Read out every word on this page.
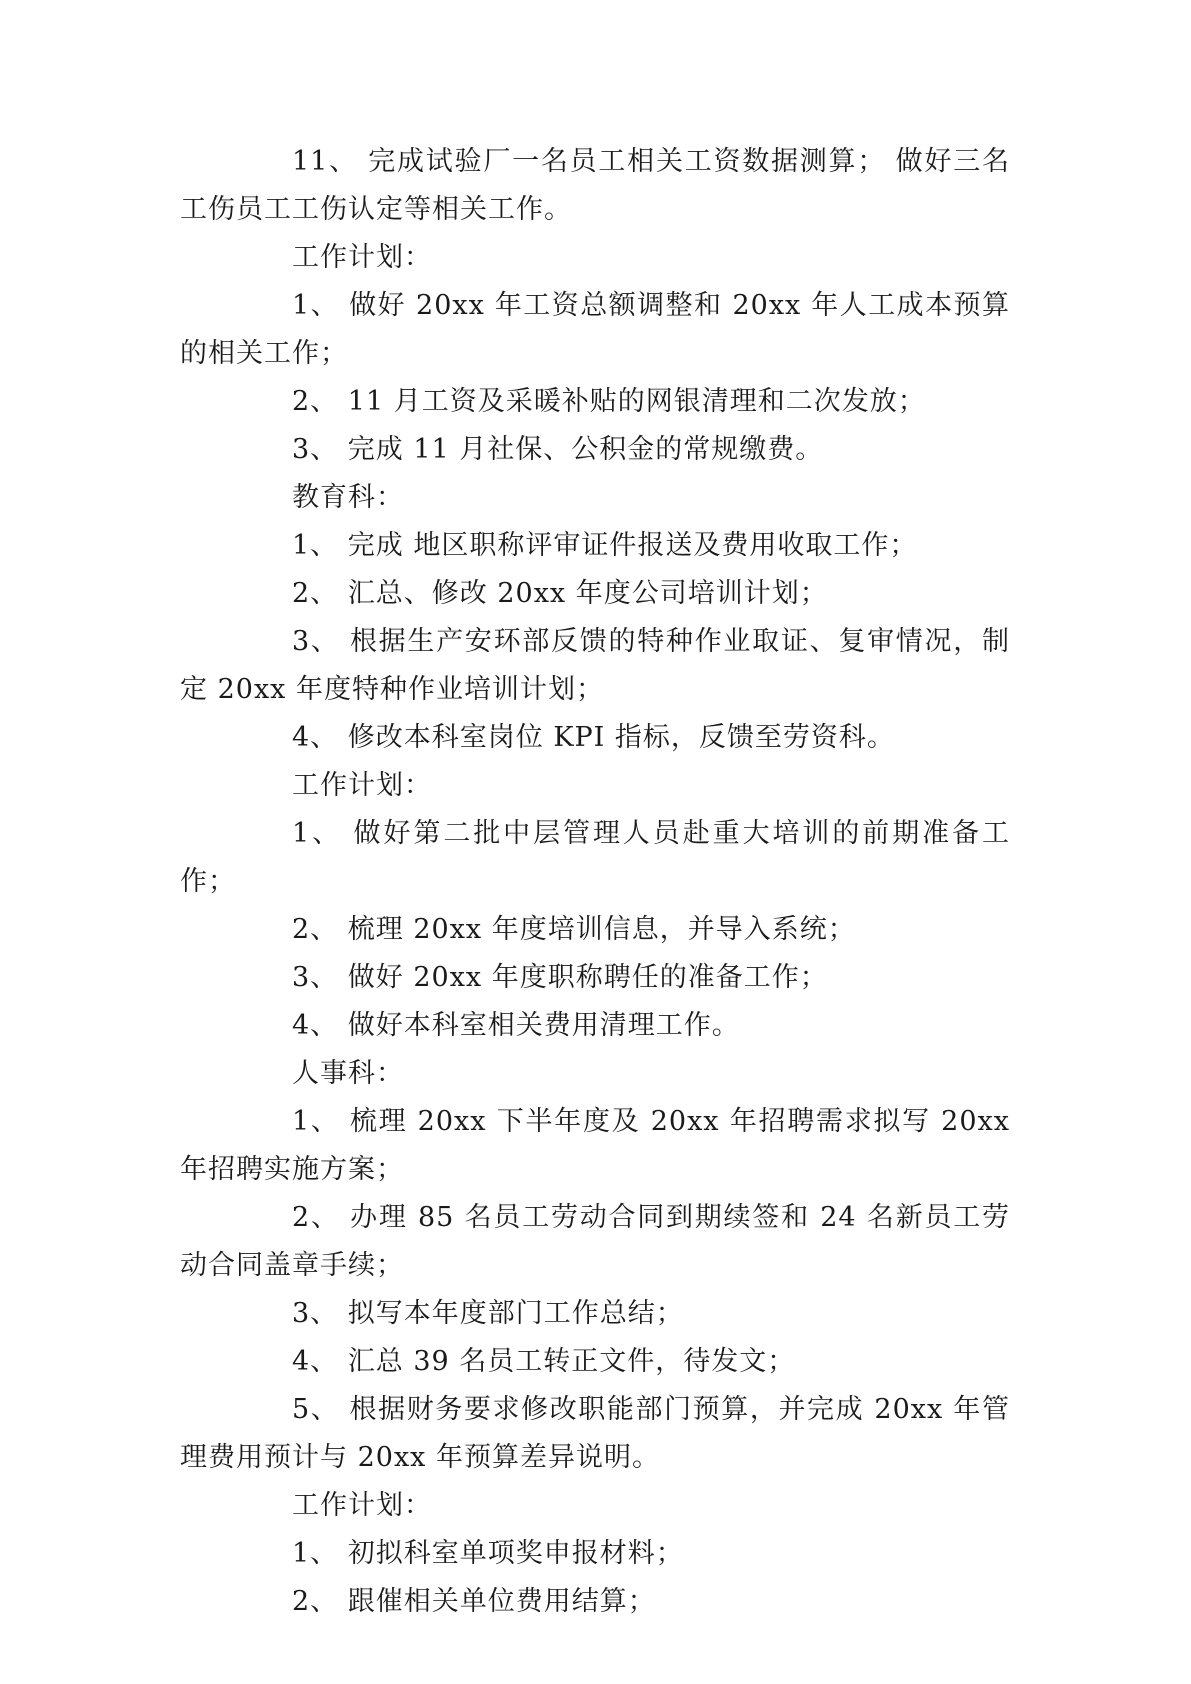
11、 完成试验厂一名员工相关工资数据测算； 做好三名工伤员工工伤认定等相关工作。

工作计划：

1、 做好 20xx 年工资总额调整和 20xx 年人工成本预算的相关工作；

2、 11 月工资及采暖补贴的网银清理和二次发放；

3、 完成 11 月社保、公积金的常规缴费。

教育科：

1、 完成 地区职称评审证件报送及费用收取工作；

2、 汇总、修改 20xx 年度公司培训计划；

3、 根据生产安环部反馈的特种作业取证、复审情况，制定 20xx 年度特种作业培训计划；

4、 修改本科室岗位 KPI 指标，反馈至劳资科。

工作计划：

1、 做好第二批中层管理人员赴重大培训的前期准备工作；

2、 梳理 20xx 年度培训信息，并导入系统；

3、 做好 20xx 年度职称聘任的准备工作；

4、 做好本科室相关费用清理工作。

人事科：

1、 梳理 20xx 下半年度及 20xx 年招聘需求拟写 20xx 年招聘实施方案；

2、 办理 85 名员工劳动合同到期续签和 24 名新员工劳动合同盖章手续；

3、 拟写本年度部门工作总结；

4、 汇总 39 名员工转正文件，待发文；

5、 根据财务要求修改职能部门预算，并完成 20xx 年管理费用预计与 20xx 年预算差异说明。

工作计划：

1、 初拟科室单项奖申报材料；

2、 跟催相关单位费用结算；
